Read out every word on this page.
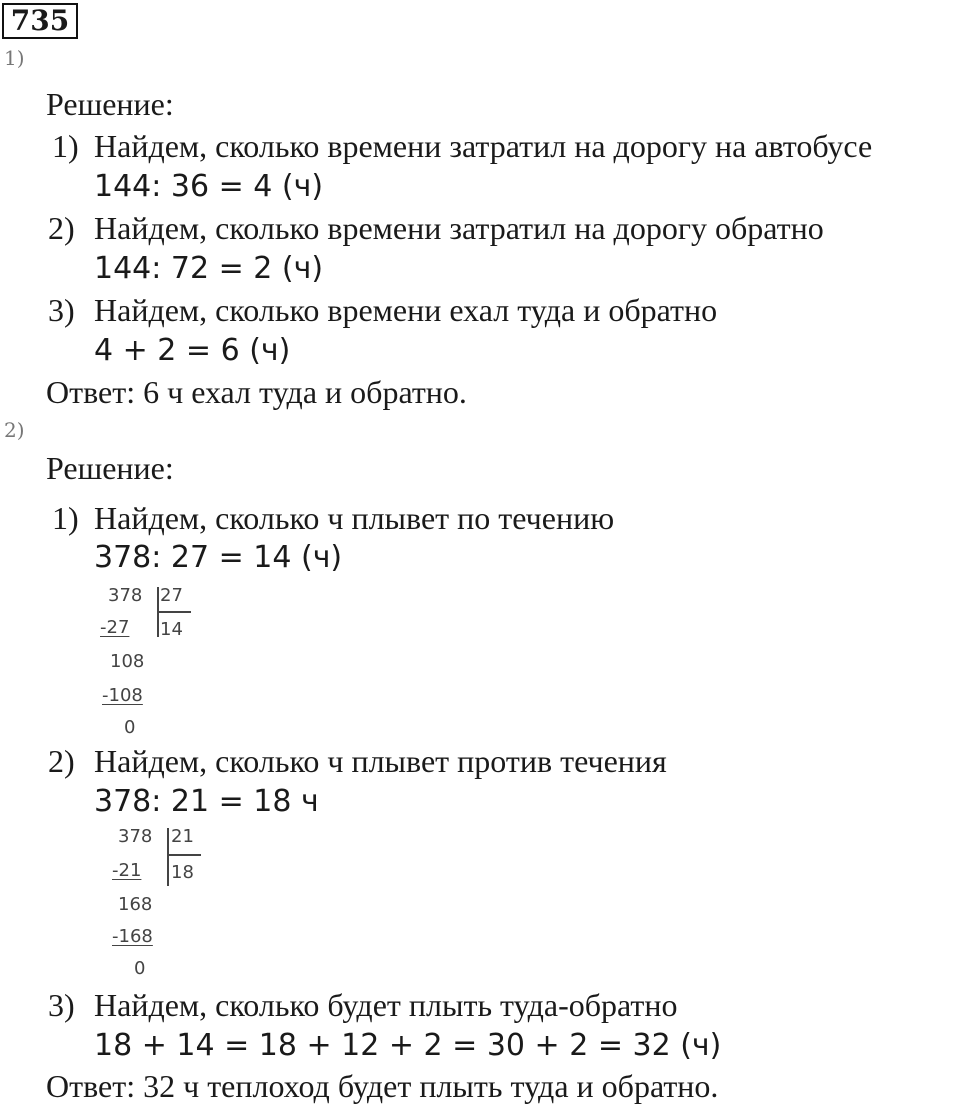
735
1)
Решение:
1) Найдем, сколько времени затратил на дорогу на автобусе
144: 36 = 4 (ч)
2) Найдем, сколько времени затратил на дорогу обратно
144: 72 = 2 (ч)
3) Найдем, сколько времени ехал туда и обратно
4 + 2 = 6 (ч)
Ответ: 6 ч ехал туда и обратно.
2)
Решение:
1) Найдем, сколько ч плывет по течению
378: 27 = 14 (ч)
378 27
-27 14
108
-108
0
2) Найдем, сколько ч плывет против течения
378: 21 = 18 ч
378 21
-21 18
168
-168
0
3) Найдем, сколько будет плыть туда-обратно
18 + 14 = 18 + 12 + 2 = 30 + 2 = 32 (ч)
Ответ: 32 ч теплоход будет плыть туда и обратно.
